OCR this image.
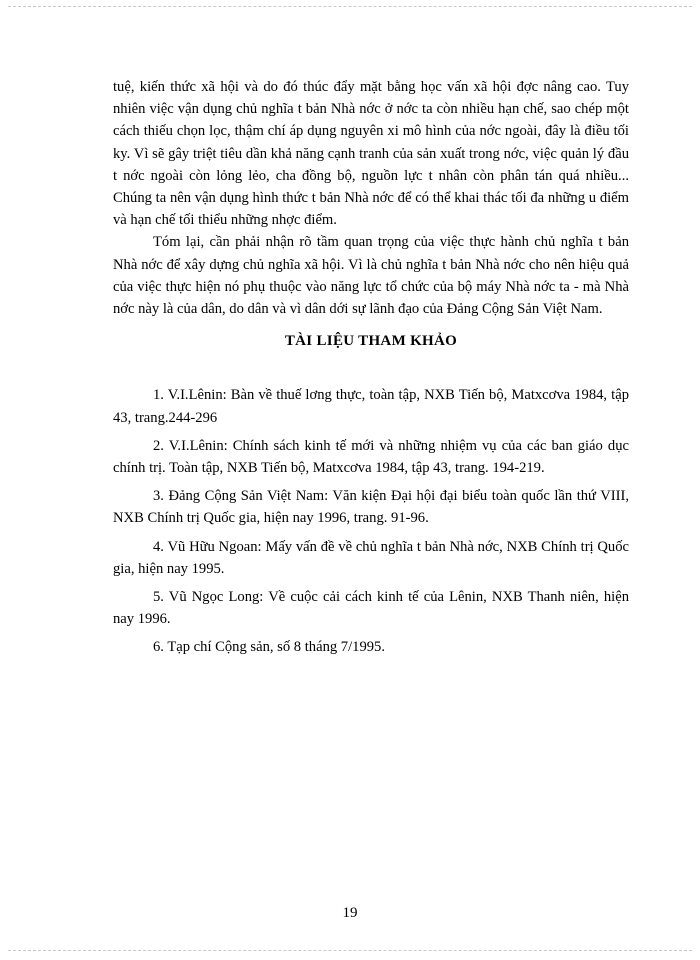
tuệ, kiến thức xã hội và do đó thúc đẩy mặt bằng học vấn xã hội đợc nâng cao. Tuy nhiên việc vận dụng chủ nghĩa t bản Nhà nớc ở nớc ta còn nhiều hạn chế, sao chép một cách thiếu chọn lọc, thậm chí áp dụng nguyên xi mô hình của nớc ngoài, đây là điều tối ky. Vì sẽ gây triệt tiêu dần khả năng cạnh tranh của sản xuất trong nớc, việc quản lý đầu t nớc ngoài còn lỏng lẻo, cha đồng bộ, nguồn lực t nhân còn phân tán quá nhiều... Chúng ta nên vận dụng hình thức t bản Nhà nớc để có thể khai thác tối đa những u điểm và hạn chế tối thiểu những nhợc điểm.

Tóm lại, cần phải nhận rõ tầm quan trọng của việc thực hành chủ nghĩa t bản Nhà nớc để xây dựng chủ nghĩa xã hội. Vì là chủ nghĩa t bản Nhà nớc cho nên hiệu quả của việc thực hiện nó phụ thuộc vào năng lực tổ chức của bộ máy Nhà nớc ta - mà Nhà nớc này là của dân, do dân và vì dân dới sự lãnh đạo của Đảng Cộng Sản Việt Nam.

TÀI LIỆU THAM KHẢO

1. V.I.Lênin: Bàn về thuế lơng thực, toàn tập, NXB Tiến bộ, Matxcơva 1984, tập 43, trang.244-296

2. V.I.Lênin: Chính sách kinh tế mới và những nhiệm vụ của các ban giáo dục chính trị. Toàn tập, NXB Tiến bộ, Matxcơva 1984, tập 43, trang. 194-219.

3. Đảng Cộng Sản Việt Nam: Văn kiện Đại hội đại biểu toàn quốc lần thứ VIII, NXB Chính trị Quốc gia, hiện nay 1996, trang. 91-96.

4. Vũ Hữu Ngoan: Mấy vấn đề về chủ nghĩa t bản Nhà nớc, NXB Chính trị Quốc gia, hiện nay 1995.

5. Vũ Ngọc Long: Về cuộc cải cách kinh tế của Lênin, NXB Thanh niên, hiện nay 1996.

6. Tạp chí Cộng sản, số 8 tháng 7/1995.

19
